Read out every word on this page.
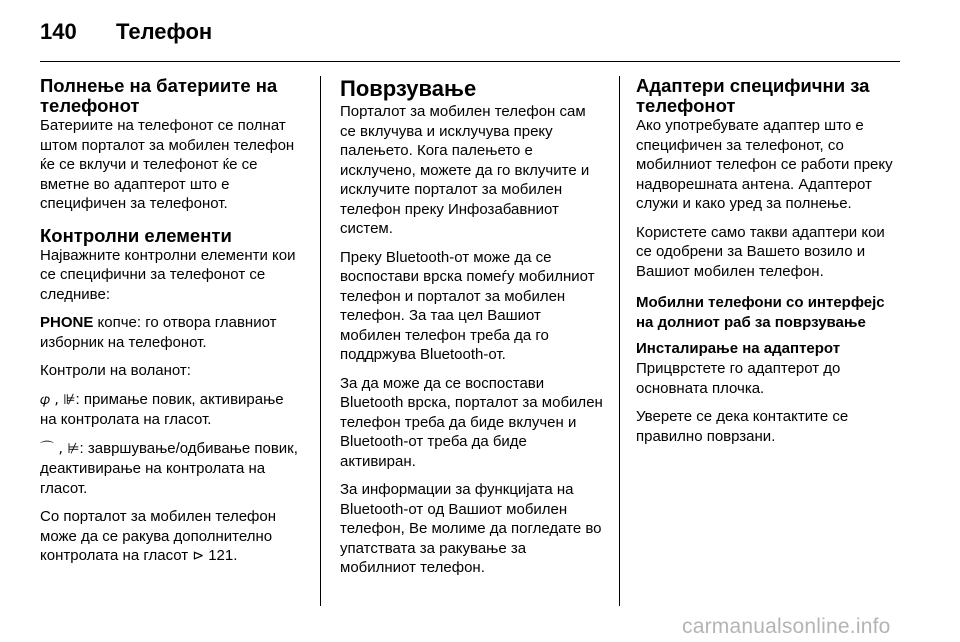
140 Телефон
Полнење на батериите на телефонот

Батериите на телефонот се полнат штом порталот за мобилен телефон ќе се вклучи и телефонот ќе се вметне во адаптерот што е специфичен за телефонот.

Контролни елементи

Најважните контролни елементи кои се специфични за телефонот се следниве:

PHONE копче: го отвора главниот изборник на телефонот.

Контроли на воланот:

𝜑 , ⊯: примање повик, активирање на контролата на гласот.

⌒ , ⊭: завршување/одбивање повик, деактивирање на контролата на гласот.

Со порталот за мобилен телефон може да се ракува дополнително контролата на гласот ⊳ 121.

Поврзување

Порталот за мобилен телефон сам се вклучува и исклучува преку палењето. Кога палењето е исклучено, можете да го вклучите и исклучите порталот за мобилен телефон преку Инфозабавниот систем.

Преку Bluetooth-от може да се воспостави врска помеѓу мобилниот телефон и порталот за мобилен телефон. За таа цел Вашиот мобилен телефон треба да го поддржува Bluetooth-от.

За да може да се воспостави Bluetooth врска, порталот за мобилен телефон треба да биде вклучен и Bluetooth-от треба да биде активиран.

За информации за функцијата на Bluetooth-от од Вашиот мобилен телефон, Ве молиме да погледате во упатствата за ракување за мобилниот телефон.

Адаптери специфични за телефонот

Ако употребувате адаптер што е специфичен за телефонот, со мобилниот телефон се работи преку надворешната антена. Адаптерот служи и како уред за полнење.

Користете само такви адаптери кои се одобрени за Вашето возило и Вашиот мобилен телефон.

Мобилни телефони со интерфејс на долниот раб за поврзување
Инсталирање на адаптерот

Прицврстете го адаптерот до основната плочка.

Уверете се дека контактите се правилно поврзани.

carmanualsonline.info
